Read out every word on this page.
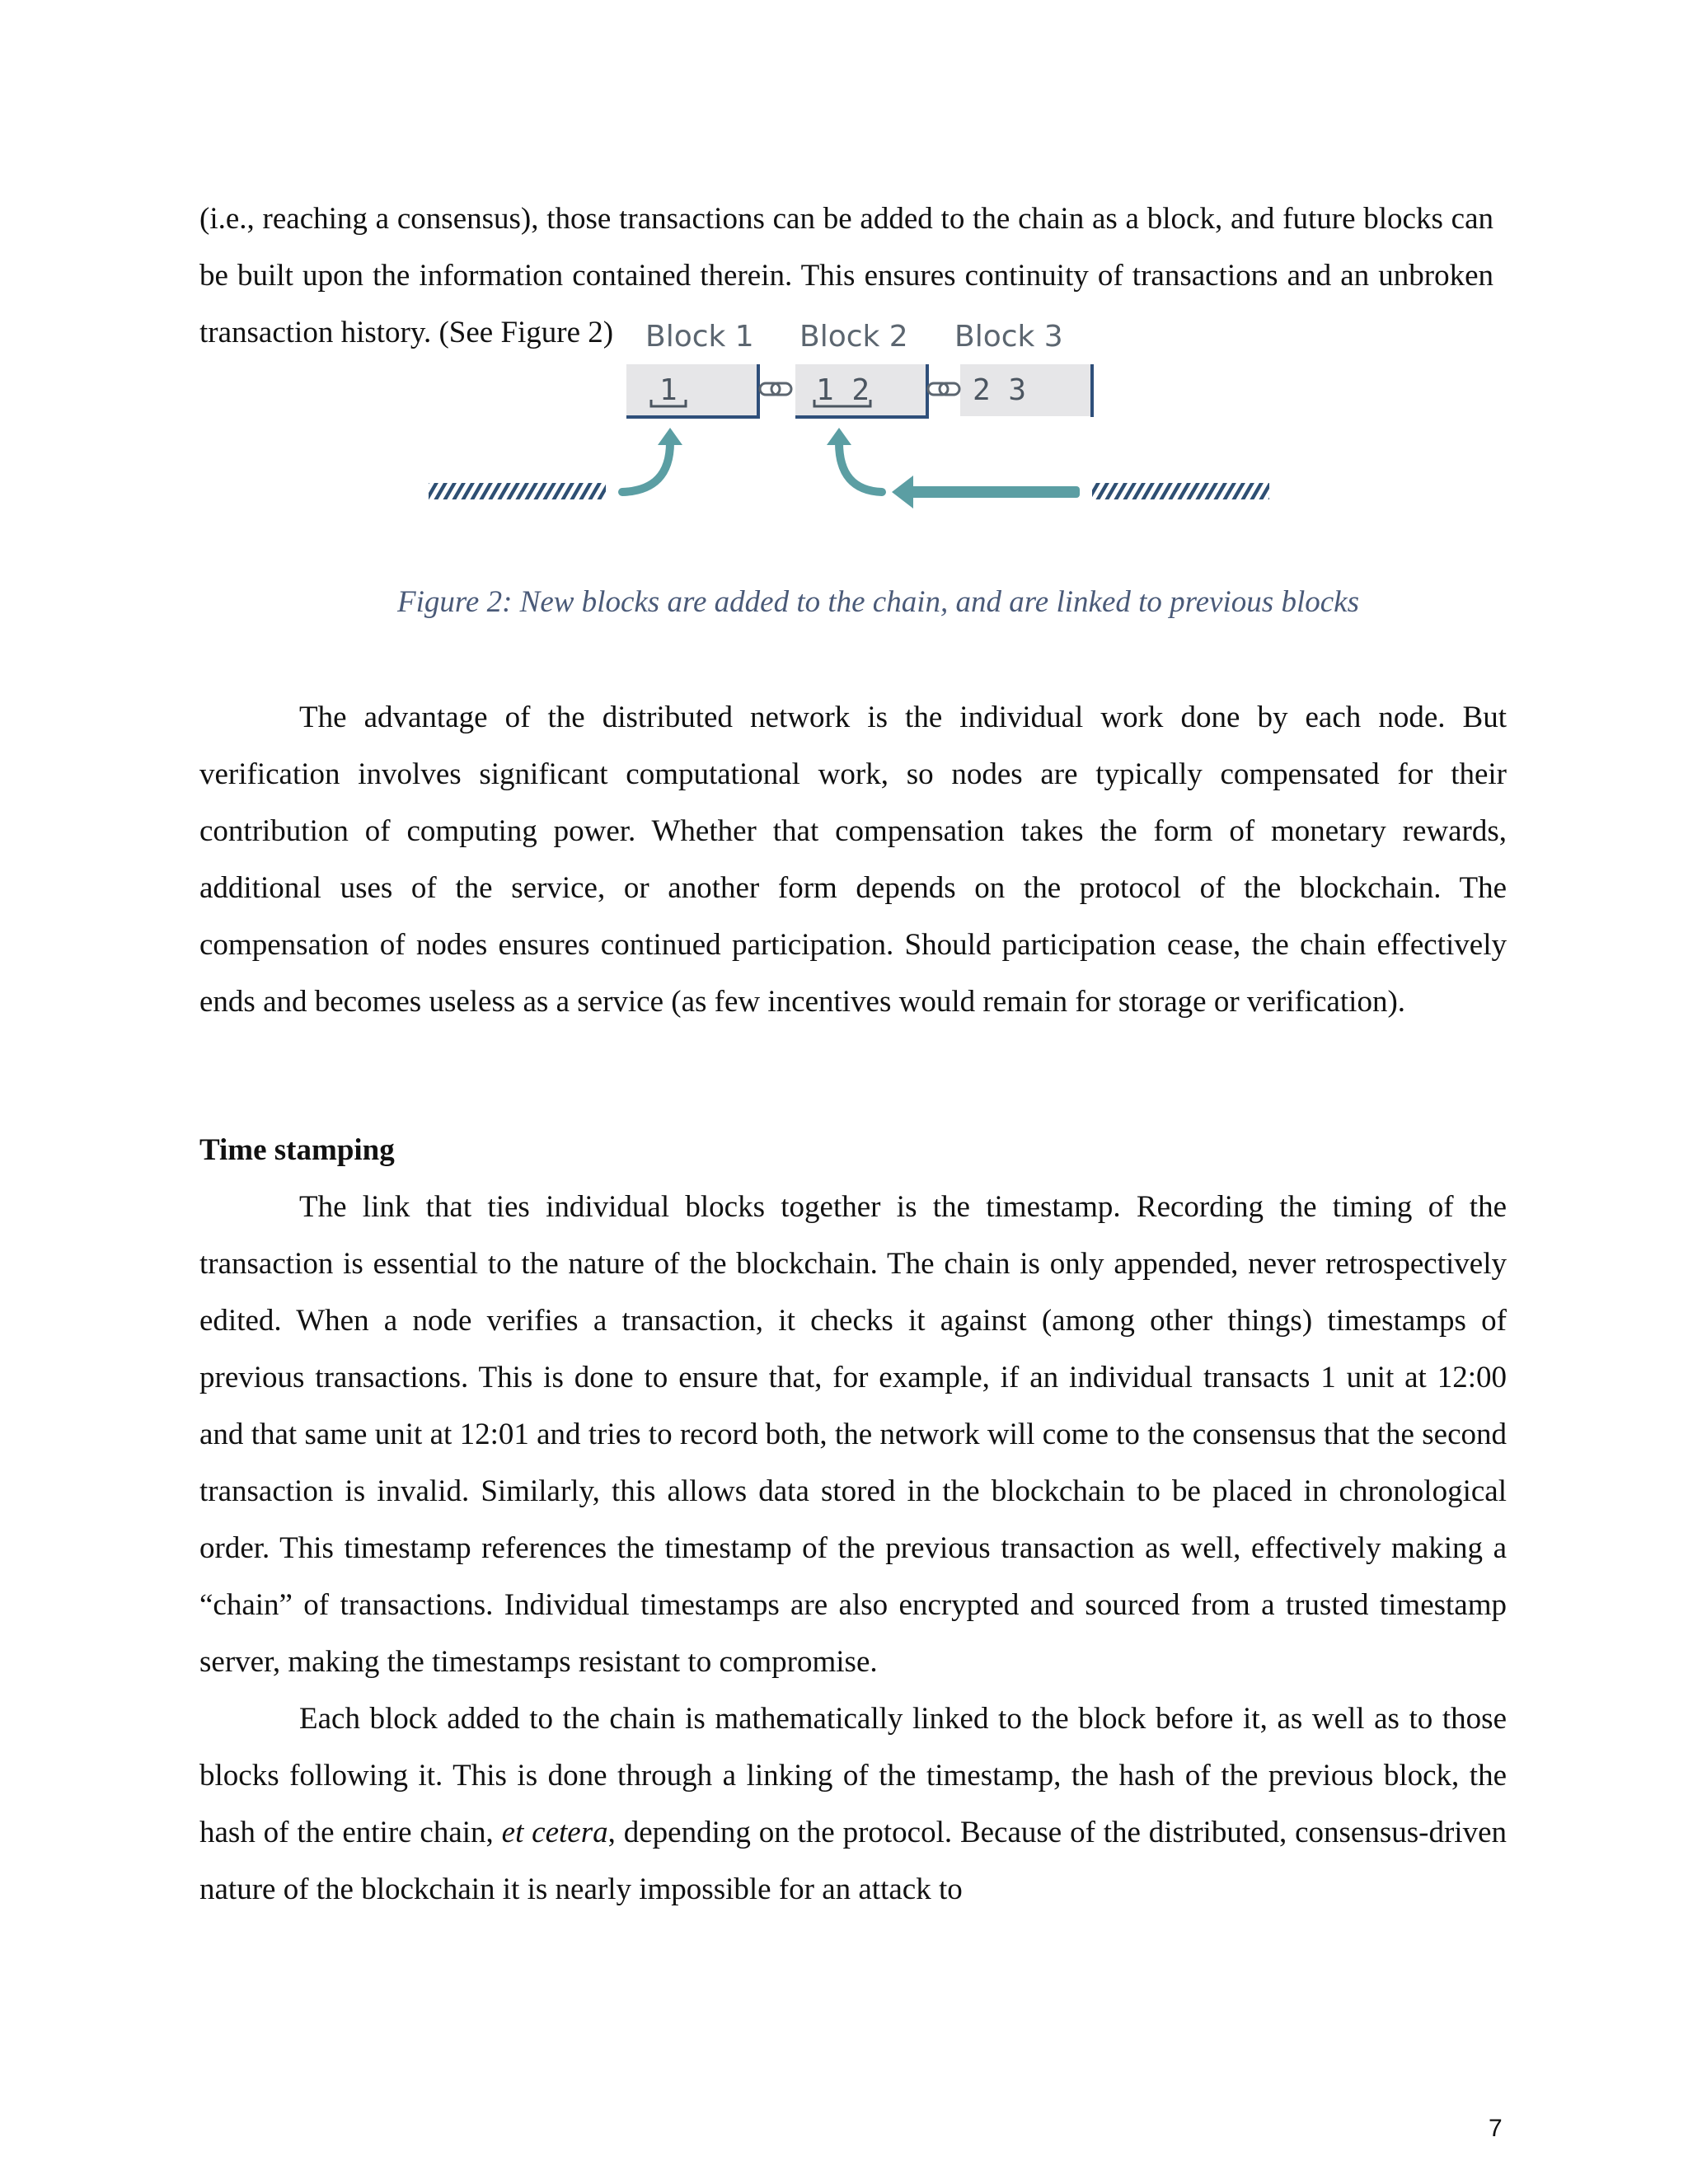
(i.e., reaching a consensus), those transactions can be added to the chain as a block, and future blocks can be built upon the information contained therein. This ensures continuity of transactions and an unbroken transaction history. (See Figure 2)	Block 1
1
Block 2
1 2
Block 3
2 3

Figure 2: New blocks are added to the chain, and are linked to previous blocks

The advantage of the distributed network is the individual work done by each node. But verification involves significant computational work, so nodes are typically compensated for their contribution of computing power. Whether that compensation takes the form of monetary rewards, additional uses of the service, or another form depends on the protocol of the blockchain. The compensation of nodes ensures continued participation. Should participation cease, the chain effectively ends and becomes useless as a service (as few incentives would remain for storage or verification).

Time stamping

The link that ties individual blocks together is the timestamp. Recording the timing of the transaction is essential to the nature of the blockchain. The chain is only appended, never retrospectively edited. When a node verifies a transaction, it checks it against (among other things) timestamps of previous transactions. This is done to ensure that, for example, if an individual transacts 1 unit at 12:00 and that same unit at 12:01 and tries to record both, the network will come to the consensus that the second transaction is invalid. Similarly, this allows data stored in the blockchain to be placed in chronological order. This timestamp references the timestamp of the previous transaction as well, effectively making a “chain” of transactions. Individual timestamps are also encrypted and sourced from a trusted timestamp server, making the timestamps resistant to compromise.

Each block added to the chain is mathematically linked to the block before it, as well as to those blocks following it. This is done through a linking of the timestamp, the hash of the previous block, the hash of the entire chain, et cetera, depending on the protocol. Because of the distributed, consensus-driven nature of the blockchain it is nearly impossible for an attack to

7
